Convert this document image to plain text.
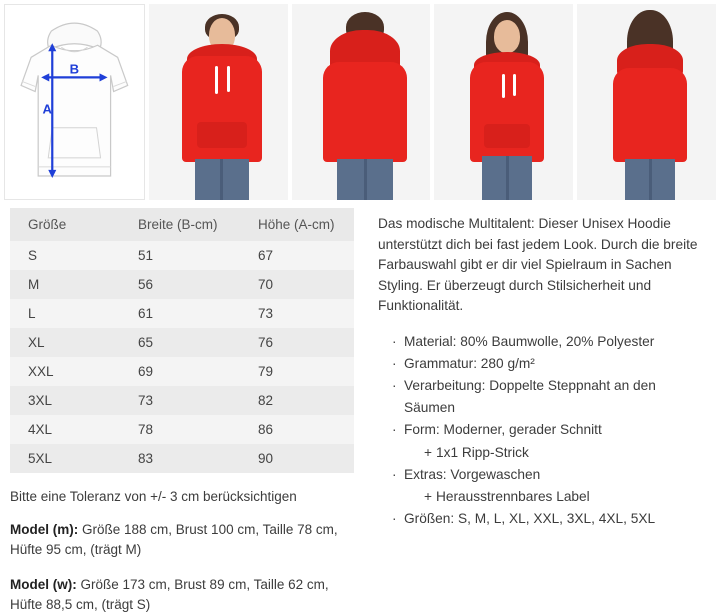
B
A
Größe	Breite (B-cm)	Höhe (A-cm)
S	51	67
M	56	70
L	61	73
XL	65	76
XXL	69	79
3XL	73	82
4XL	78	86
5XL	83	90
Bitte eine Toleranz von +/- 3 cm berücksichtigen
Model (m): Größe 188 cm, Brust 100 cm, Taille 78 cm, Hüfte 95 cm, (trägt M)
Model (w): Größe 173 cm, Brust 89 cm, Taille 62 cm, Hüfte 88,5 cm, (trägt S)

Das modische Multitalent: Dieser Unisex Hoodie unterstützt dich bei fast jedem Look. Durch die breite Farbauswahl gibt er dir viel Spielraum in Sachen Styling. Er überzeugt durch Stilsicherheit und Funktionalität.

· Material: 80% Baumwolle, 20% Polyester
· Grammatur: 280 g/m²
· Verarbeitung: Doppelte Steppnaht an den Säumen
· Form: Moderner, gerader Schnitt
+ 1x1 Ripp-Strick
· Extras: Vorgewaschen
+ Herausstrennbares Label
· Größen: S, M, L, XL, XXL, 3XL, 4XL, 5XL
